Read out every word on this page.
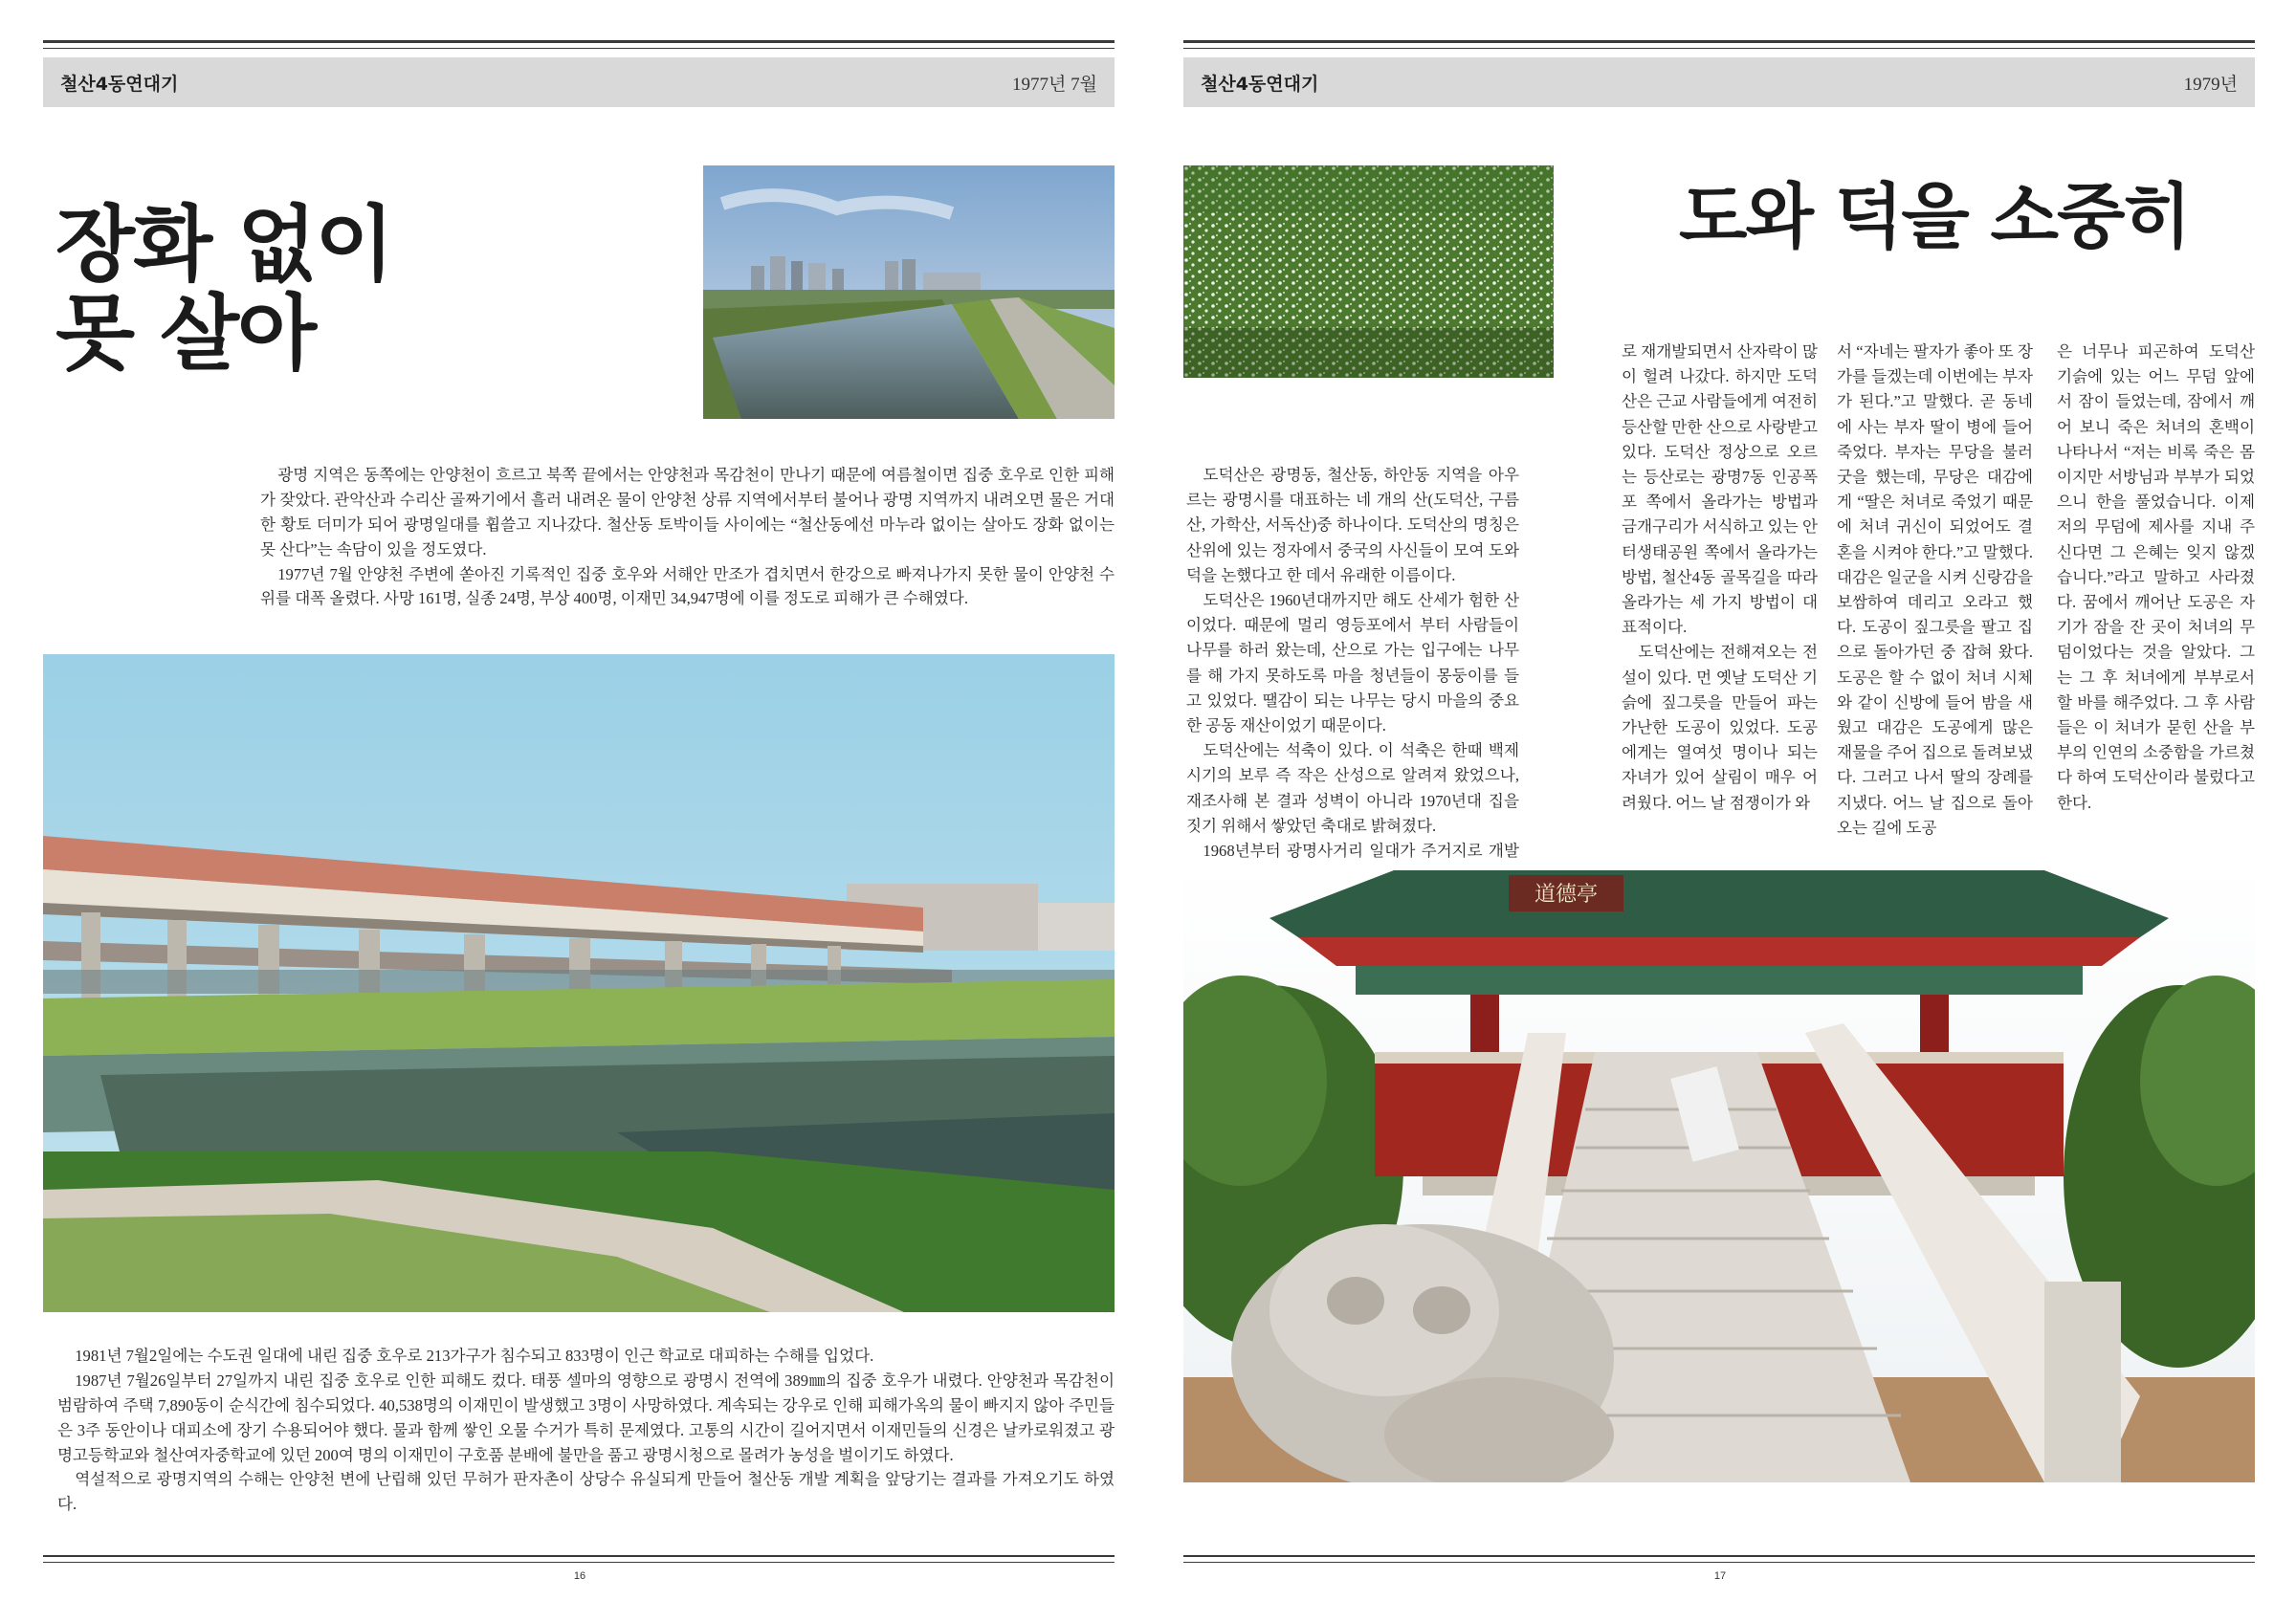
철산4동연대기	1977년 7월
장화 없이
못 살아

광명 지역은 동쪽에는 안양천이 흐르고 북쪽 끝에서는 안양천과 목감천이 만나기 때문에 여름철이면 집중 호우로 인한 피해가 잦았다. 관악산과 수리산 골짜기에서 흘러 내려온 물이 안양천 상류 지역에서부터 불어나 광명 지역까지 내려오면 물은 거대한 황토 더미가 되어 광명일대를 휩쓸고 지나갔다. 철산동 토박이들 사이에는 “철산동에선 마누라 없이는 살아도 장화 없이는 못 산다”는 속담이 있을 정도였다.

1977년 7월 안양천 주변에 쏟아진 기록적인 집중 호우와 서해안 만조가 겹치면서 한강으로 빠져나가지 못한 물이 안양천 수위를 대폭 올렸다. 사망 161명, 실종 24명, 부상 400명, 이재민 34,947명에 이를 정도로 피해가 큰 수해였다.

1981년 7월2일에는 수도권 일대에 내린 집중 호우로 213가구가 침수되고 833명이 인근 학교로 대피하는 수해를 입었다.

1987년 7월26일부터 27일까지 내린 집중 호우로 인한 피해도 컸다. 태풍 셀마의 영향으로 광명시 전역에 389㎜의 집중 호우가 내렸다. 안양천과 목감천이 범람하여 주택 7,890동이 순식간에 침수되었다. 40,538명의 이재민이 발생했고 3명이 사망하였다. 계속되는 강우로 인해 피해가옥의 물이 빠지지 않아 주민들은 3주 동안이나 대피소에 장기 수용되어야 했다. 물과 함께 쌓인 오물 수거가 특히 문제였다. 고통의 시간이 길어지면서 이재민들의 신경은 날카로워졌고 광명고등학교와 철산여자중학교에 있던 200여 명의 이재민이 구호품 분배에 불만을 품고 광명시청으로 몰려가 농성을 벌이기도 하였다.

역설적으로 광명지역의 수해는 안양천 변에 난립해 있던 무허가 판자촌이 상당수 유실되게 만들어 철산동 개발 계획을 앞당기는 결과를 가져오기도 하였다.

16
철산4동연대기	1979년
도와 덕을 소중히

도덕산은 광명동, 철산동, 하안동 지역을 아우르는 광명시를 대표하는 네 개의 산(도덕산, 구름산, 가학산, 서독산)중 하나이다. 도덕산의 명칭은 산위에 있는 정자에서 중국의 사신들이 모여 도와 덕을 논했다고 한 데서 유래한 이름이다.

도덕산은 1960년대까지만 해도 산세가 험한 산이었다. 때문에 멀리 영등포에서 부터 사람들이 나무를 하러 왔는데, 산으로 가는 입구에는 나무를 해 가지 못하도록 마을 청년들이 몽둥이를 들고 있었다. 땔감이 되는 나무는 당시 마을의 중요한 공동 재산이었기 때문이다.

도덕산에는 석축이 있다. 이 석축은 한때 백제 시기의 보루 즉 작은 산성으로 알려져 왔었으나, 재조사해 본 결과 성벽이 아니라 1970년대 집을 짓기 위해서 쌓았던 축대로 밝혀졌다.

1968년부터 광명사거리 일대가 주거지로 개발

로 재개발되면서 산자락이 많이 헐려 나갔다. 하지만 도덕산은 근교 사람들에게 여전히 등산할 만한 산으로 사랑받고 있다. 도덕산 정상으로 오르는 등산로는 광명7동 인공폭포 쪽에서 올라가는 방법과 금개구리가 서식하고 있는 안터생태공원 쪽에서 올라가는 방법, 철산4동 골목길을 따라 올라가는 세 가지 방법이 대표적이다.

도덕산에는 전해져오는 전설이 있다. 먼 옛날 도덕산 기슭에 짚그릇을 만들어 파는 가난한 도공이 있었다. 도공에게는 열여섯 명이나 되는 자녀가 있어 살림이 매우 어려웠다. 어느 날 점쟁이가 와

서 “자네는 팔자가 좋아 또 장가를 들겠는데 이번에는 부자가 된다.”고 말했다. 곧 동네에 사는 부자 딸이 병에 들어 죽었다. 부자는 무당을 불러 굿을 했는데, 무당은 대감에게 “딸은 처녀로 죽었기 때문에 처녀 귀신이 되었어도 결혼을 시켜야 한다.”고 말했다. 대감은 일군을 시켜 신랑감을 보쌈하여 데리고 오라고 했다. 도공이 짚그릇을 팔고 집으로 돌아가던 중 잡혀 왔다. 도공은 할 수 없이 처녀 시체와 같이 신방에 들어 밤을 새웠고 대감은 도공에게 많은 재물을 주어 집으로 돌려보냈다. 그러고 나서 딸의 장례를 지냈다. 어느 날 집으로 돌아오는 길에 도공

은 너무나 피곤하여 도덕산 기슭에 있는 어느 무덤 앞에서 잠이 들었는데, 잠에서 깨어 보니 죽은 처녀의 혼백이 나타나서 “저는 비록 죽은 몸이지만 서방님과 부부가 되었으니 한을 풀었습니다. 이제 저의 무덤에 제사를 지내 주신다면 그 은혜는 잊지 않겠습니다.”라고 말하고 사라졌다. 꿈에서 깨어난 도공은 자기가 잠을 잔 곳이 처녀의 무덤이었다는 것을 알았다. 그는 그 후 처녀에게 부부로서 할 바를 해주었다. 그 후 사람들은 이 처녀가 묻힌 산을 부부의 인연의 소중함을 가르쳤다 하여 도덕산이라 불렀다고 한다.

道德亭
17
